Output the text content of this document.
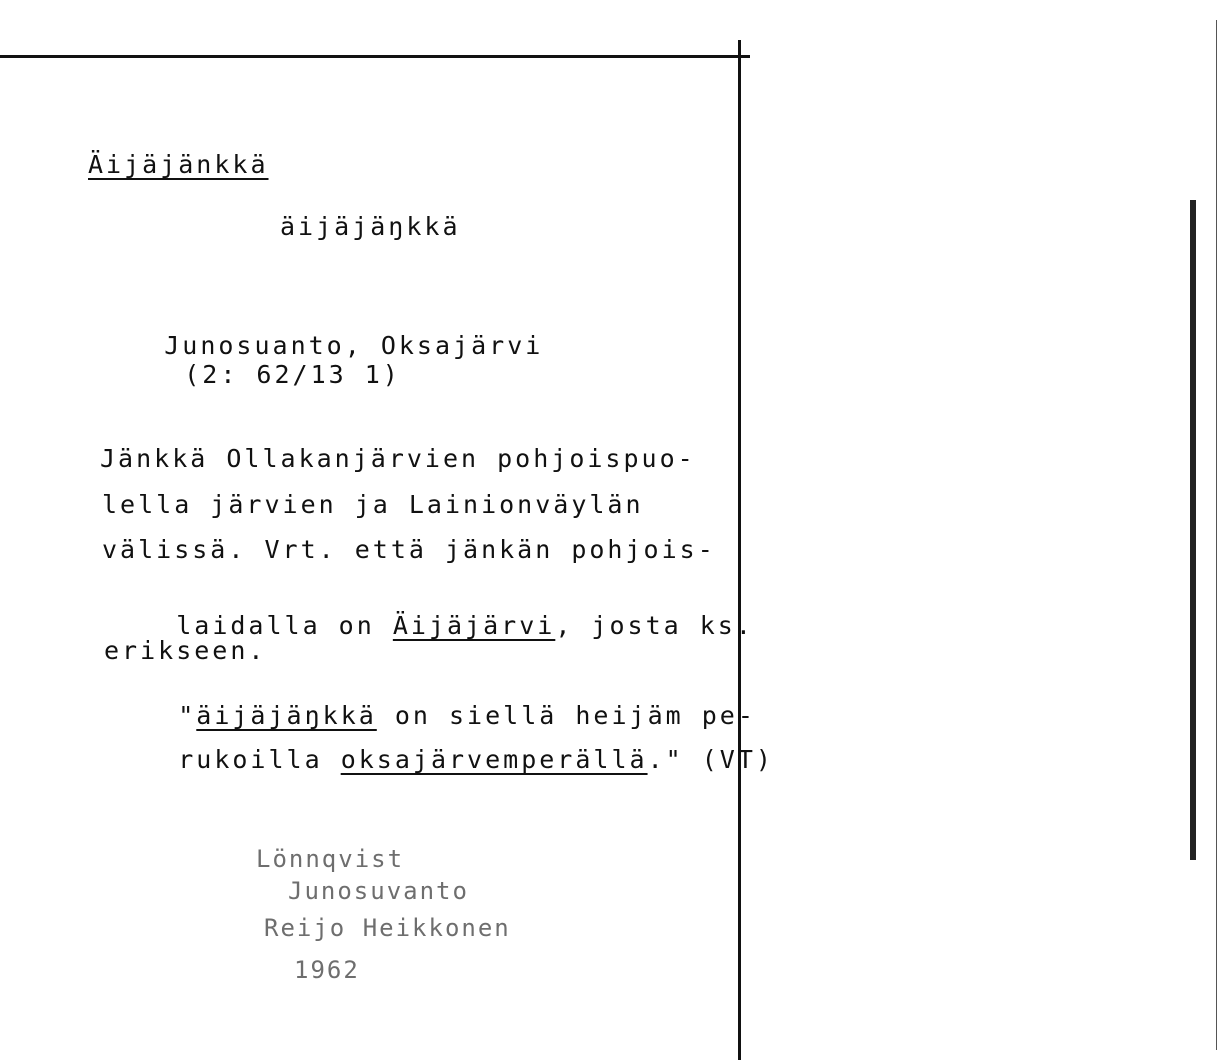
Äijäjänkkä
äijäjäŋkkä

Junosuanto, Oksajärvi
(2: 62/13 1)

Jänkkä Ollakanjärvien pohjoispuo-
lella järvien ja Lainionväylän
välissä. Vrt. että jänkän pohjois-

laidalla on Äijäjärvi, josta ks.

erikseen.

"äijäjäŋkkä on siellä heijäm pe-

rukoilla oksajärvemperällä." (VT)

Lönnqvist
Junosuvanto
Reijo Heikkonen
1962
